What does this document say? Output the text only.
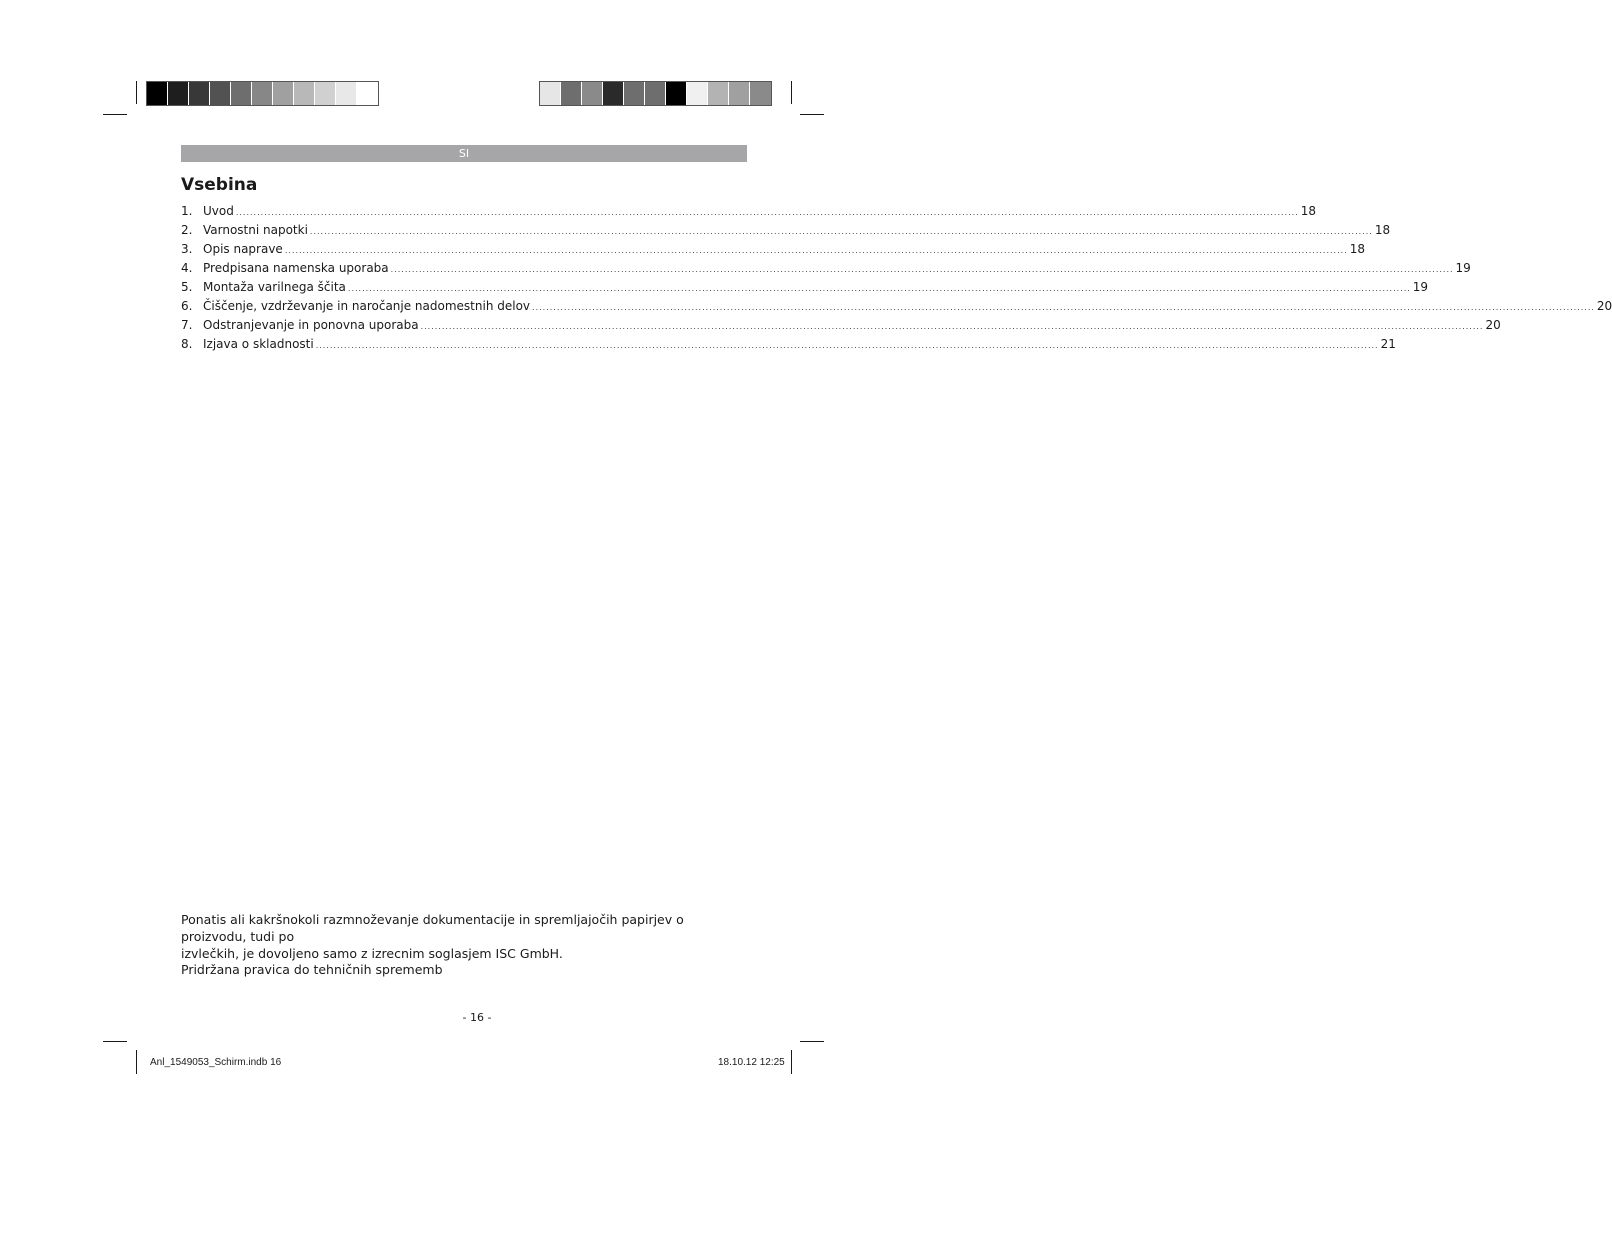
SI
Vsebina
1. Uvod ............................................................................................................................................................................................................................................................................................................ 18
2. Varnostni napotki ............................................................................................................................................................................................................................................................................................................ 18
3. Opis naprave ............................................................................................................................................................................................................................................................................................................ 18
4. Predpisana namenska uporaba ............................................................................................................................................................................................................................................................................................................ 19
5. Montaža varilnega ščita ............................................................................................................................................................................................................................................................................................................ 19
6. Čiščenje, vzdrževanje in naročanje nadomestnih delov ............................................................................................................................................................................................................................................................................................................ 20
7. Odstranjevanje in ponovna uporaba ............................................................................................................................................................................................................................................................................................................ 20
8. Izjava o skladnosti ............................................................................................................................................................................................................................................................................................................ 21

Ponatis ali kakršnokoli razmnoževanje dokumentacije in spremljajočih papirjev o proizvodu, tudi po
izvlečkih, je dovoljeno samo z izrecnim soglasjem ISC GmbH.

Pridržana pravica do tehničnih sprememb

- 16 -
Anl_1549053_Schirm.indb 16	18.10.12 12:25
